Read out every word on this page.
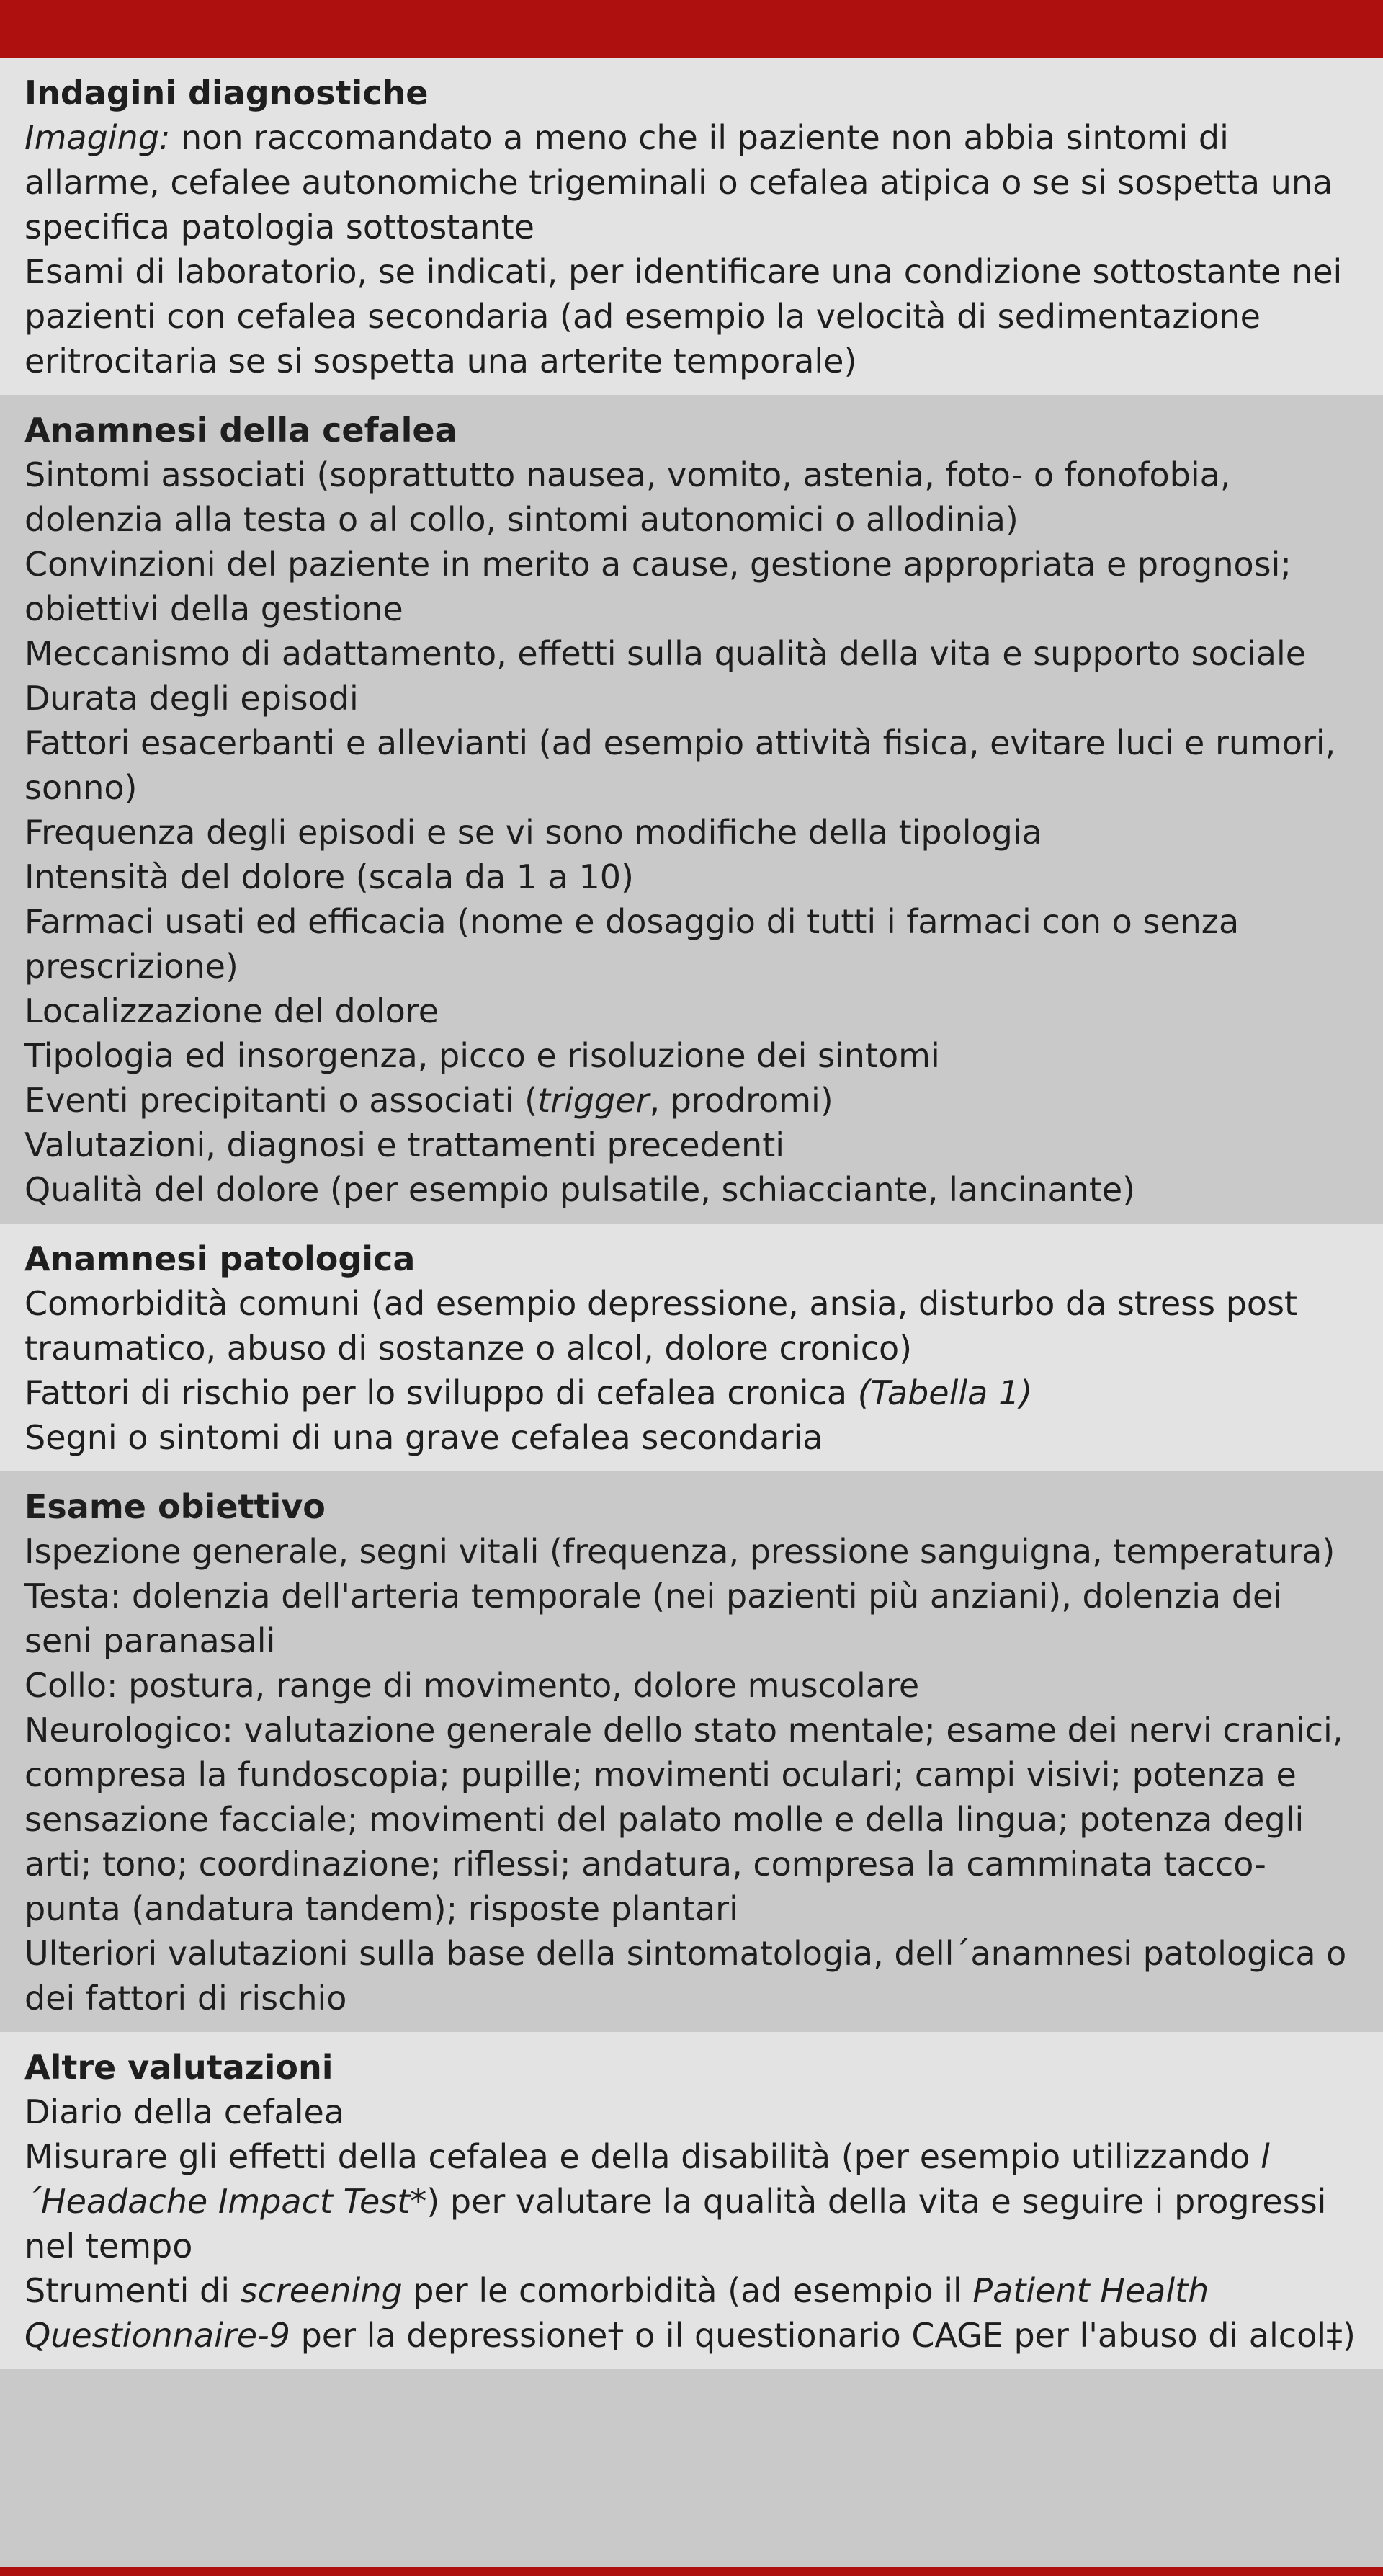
Indagini diagnostiche
Imaging: non raccomandato a meno che il paziente non abbia sintomi di allarme, cefalee autonomiche trigeminali o cefalea atipica o se si sospetta una specifica patologia sottostante
Esami di laboratorio, se indicati, per identificare una condizione sottostante nei pazienti con cefalea secondaria (ad esempio la velocità di sedimentazione eritrocitaria se si sospetta una arterite temporale)
Anamnesi della cefalea
Sintomi associati (soprattutto nausea, vomito, astenia, foto- o fonofobia, dolenzia alla testa o al collo, sintomi autonomici o allodinia)
Convinzioni del paziente in merito a cause, gestione appropriata e prognosi; obiettivi della gestione
Meccanismo di adattamento, effetti sulla qualità della vita e supporto sociale
Durata degli episodi
Fattori esacerbanti e allevianti (ad esempio attività fisica, evitare luci e rumori, sonno)
Frequenza degli episodi e se vi sono modifiche della tipologia
Intensità del dolore (scala da 1 a 10)
Farmaci usati ed efficacia (nome e dosaggio di tutti i farmaci con o senza prescrizione)
Localizzazione del dolore
Tipologia ed insorgenza, picco e risoluzione dei sintomi
Eventi precipitanti o associati (trigger, prodromi)
Valutazioni, diagnosi e trattamenti precedenti
Qualità del dolore (per esempio pulsatile, schiacciante, lancinante)
Anamnesi patologica
Comorbidità comuni (ad esempio depressione, ansia, disturbo da stress post traumatico, abuso di sostanze o alcol, dolore cronico)
Fattori di rischio per lo sviluppo di cefalea cronica (Tabella 1)
Segni o sintomi di una grave cefalea secondaria
Esame obiettivo
Ispezione generale, segni vitali (frequenza, pressione sanguigna, temperatura)
Testa: dolenzia dell'arteria temporale (nei pazienti più anziani), dolenzia dei seni paranasali
Collo: postura, range di movimento, dolore muscolare
Neurologico: valutazione generale dello stato mentale; esame dei nervi cranici, compresa la fundoscopia; pupille; movimenti oculari; campi visivi; potenza e sensazione facciale; movimenti del palato molle e della lingua; potenza degli arti; tono; coordinazione; riflessi; andatura, compresa la camminata tacco-punta (andatura tandem); risposte plantari
Ulteriori valutazioni sulla base della sintomatologia, dell´anamnesi patologica o dei fattori di rischio
Altre valutazioni
Diario della cefalea
Misurare gli effetti della cefalea e della disabilità (per esempio utilizzando l´Headache Impact Test*) per valutare la qualità della vita e seguire i progressi nel tempo
Strumenti di screening per le comorbidità (ad esempio il Patient Health Questionnaire-9 per la depressione† o il questionario CAGE per l'abuso di alcol‡)
